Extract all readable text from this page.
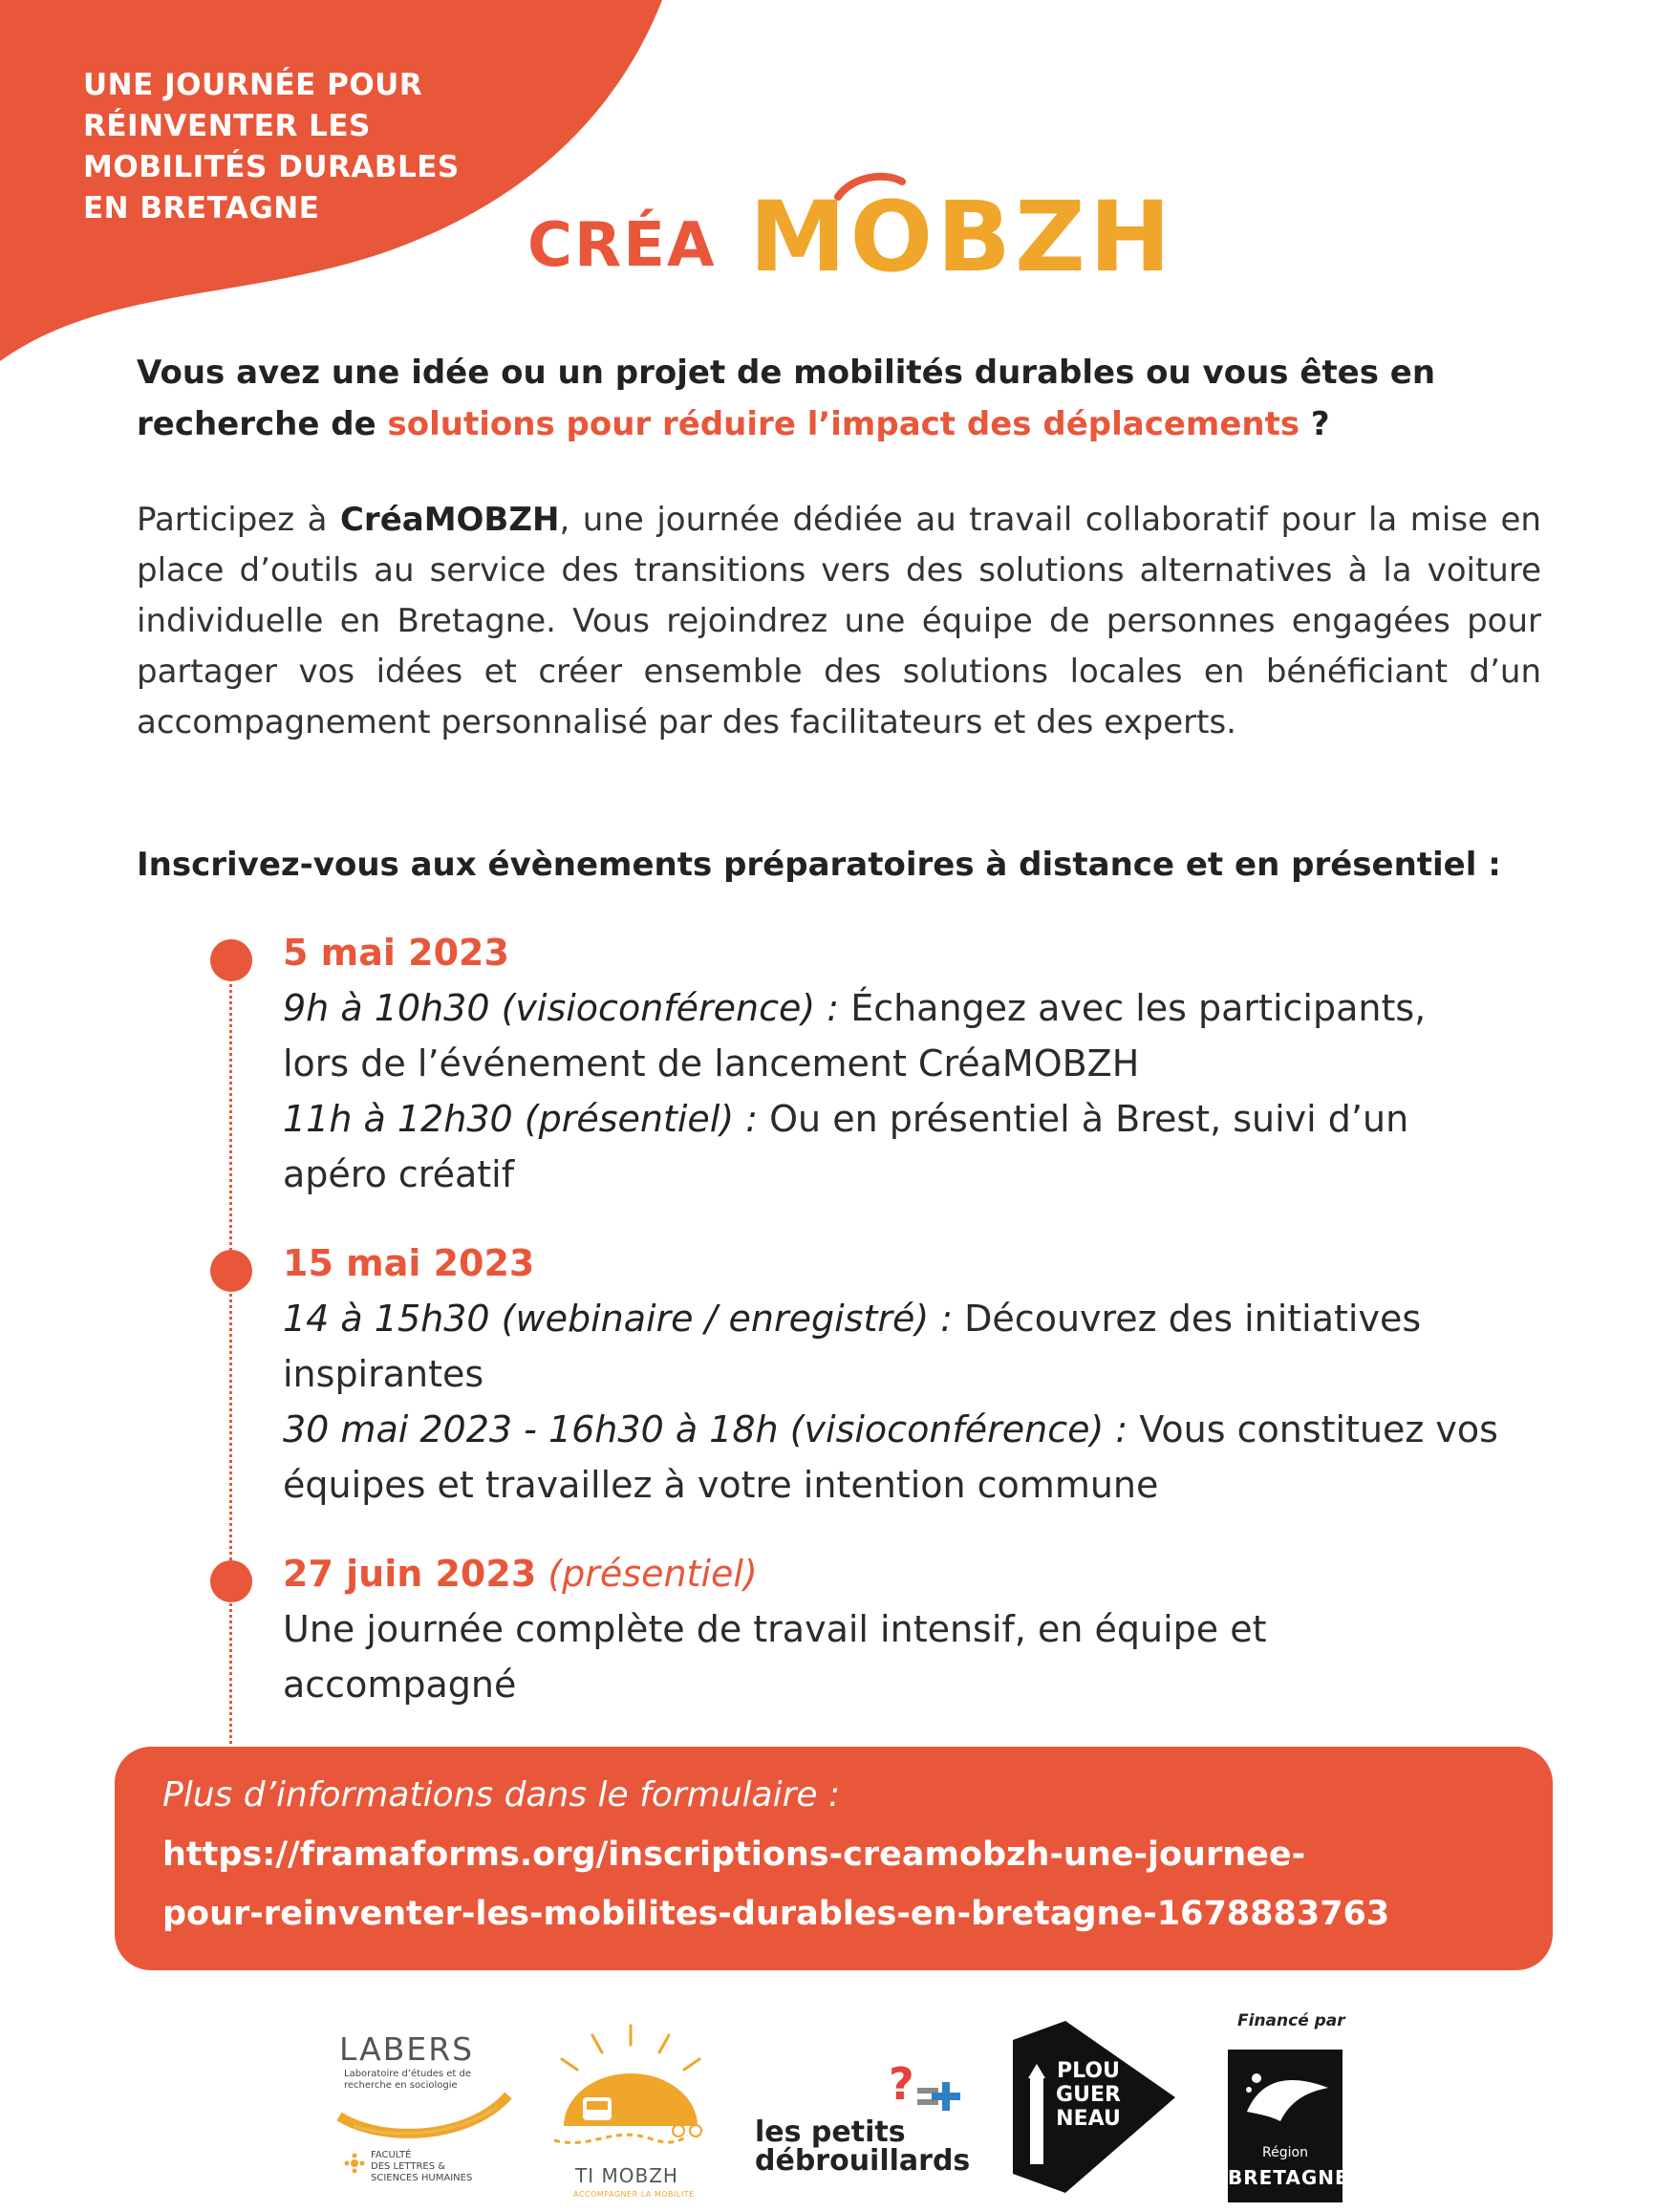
UNE JOURNÉE POUR
RÉINVENTER LES
MOBILITÉS DURABLES
EN BRETAGNE
CRÉA MOBZH
Vous avez une idée ou un projet de mobilités durables ou vous êtes en
recherche de solutions pour réduire l’impact des déplacements ?
Participez à CréaMOBZH, une journée dédiée au travail collaboratif pour la mise en place d’outils au service des transitions vers des solutions alternatives à la voiture individuelle en Bretagne. Vous rejoindrez une équipe de personnes engagées pour partager vos idées et créer ensemble des solutions locales en bénéficiant d’un accompagnement personnalisé par des facilitateurs et des experts.
Inscrivez-vous aux évènements préparatoires à distance et en présentiel :
5 mai 2023
9h à 10h30 (visioconférence) : Échangez avec les participants,
lors de l’événement de lancement CréaMOBZH
11h à 12h30 (présentiel) : Ou en présentiel à Brest, suivi d’un
apéro créatif
15 mai 2023
14 à 15h30 (webinaire / enregistré) : Découvrez des initiatives
inspirantes
30 mai 2023 - 16h30 à 18h (visioconférence) : Vous constituez vos
équipes et travaillez à votre intention commune
27 juin 2023 (présentiel)
Une journée complète de travail intensif, en équipe et
accompagné
Plus d’informations dans le formulaire :
https://framaforms.org/inscriptions-creamobzh-une-journee-
pour-reinventer-les-mobilites-durables-en-bretagne-1678883763
LABERS
Laboratoire d’études et de
recherche en sociologie
FACULTÉ
DES LETTRES &
SCIENCES HUMAINES	TI MOBZH
ACCOMPAGNER LA MOBILITÉ
?
les petits
débrouillards
PLOU
GUER
NEAU
Financé par
Région
BRETAGNE
